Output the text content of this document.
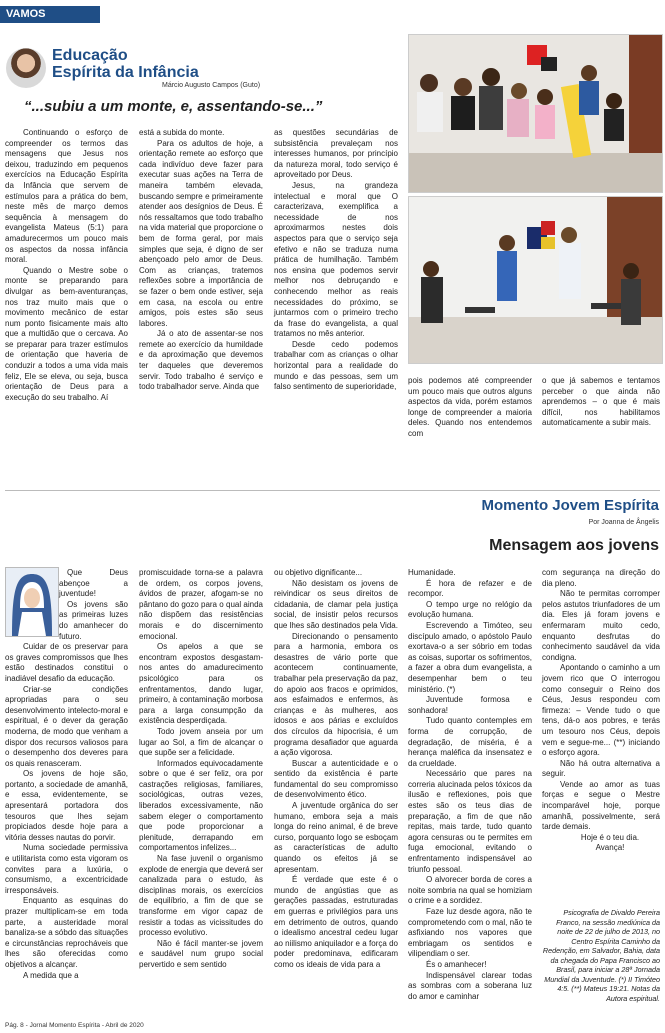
VAMOS ESTUDAR
Educação
Espírita da Infância
Márcio Augusto Campos (Guto)
“...subiu a um monte, e, assentando-se...”

Continuando o esforço de compreender os termos das mensagens que Jesus nos deixou, traduzindo em pequenos exercícios na Educação Espírita da Infância que servem de estímulos para a prática do bem, neste mês de março demos sequência à mensagem do evangelista Mateus (5:1) para amadurecermos um pouco mais os aspectos da nossa infância moral.

Quando o Mestre sobe o monte se preparando para divulgar as bem-aventuranças, nos traz muito mais que o movimento mecânico de estar num ponto fisicamente mais alto que a multidão que o cercava. Ao se preparar para trazer estímulos de orientação que haveria de conduzir a todos a uma vida mais feliz, Ele se eleva, ou seja, busca orientação de Deus para a execução do seu trabalho. Aí

está a subida do monte.

Para os adultos de hoje, a orientação remete ao esforço que cada indivíduo deve fazer para executar suas ações na Terra de maneira também elevada, buscando sempre e primeiramente atender aos desígnios de Deus. É nós ressaltamos que todo trabalho na vida material que proporcione o bem de forma geral, por mais simples que seja, é digno de ser abençoado pelo amor de Deus. Com as crianças, tratemos reflexões sobre a importância de se fazer o bem onde estiver, seja em casa, na escola ou entre amigos, pois estes são seus labores.

Já o ato de assentar-se nos remete ao exercício da humildade e da aproximação que devemos ter daqueles que deveremos servir. Todo trabalho é serviço e todo trabalhador serve. Ainda que

as questões secundárias de subsistência prevaleçam nos interesses humanos, por princípio da natureza moral, todo serviço é aproveitado por Deus.

Jesus, na grandeza intelectual e moral que O caracterizava, exemplifica a necessidade de nos aproximarmos nestes dois aspectos para que o serviço seja efetivo e não se traduza numa prática de humilhação. Também nos ensina que podemos servir melhor nos debruçando e conhecendo melhor as reais necessidades do próximo, se juntarmos com o primeiro trecho da frase do evangelista, a qual tratamos no mês anterior.

Desde cedo podemos trabalhar com as crianças o olhar horizontal para a realidade do mundo e das pessoas, sem um falso sentimento de superioridade,

pois podemos até compreender um pouco mais que outros alguns aspectos da vida, porém estamos longe de compreender a maioria deles. Quando nos entendemos com

o que já sabemos e tentamos perceber o que ainda não aprendemos – o que é mais difícil, nos habilitamos automaticamente a subir mais.

Momento Jovem Espírita
Por Joanna de Ângelis
Mensagem aos jovens

Que Deus abençoe a juventude!

Os jovens são as primeiras luzes do amanhecer do futuro.

Cuidar de os preservar para os graves compromissos que lhes estão destinados constitui o inadiável desafio da educação.

Criar-se condições apropriadas para o seu desenvolvimento intelecto-moral e espiritual, é o dever da geração moderna, de modo que venham a dispor dos recursos valiosos para o desempenho dos deveres para os quais renasceram.

Os jovens de hoje são, portanto, a sociedade de amanhã, e essa, evidentemente, se apresentará portadora dos tesouros que lhes sejam propiciados desde hoje para a vitória desses nautas do porvir.

Numa sociedade permissiva e utilitarista como esta vigoram os convites para a luxúria, o consumismo, a excentricidade irresponsáveis.

Enquanto as esquinas do prazer multiplicam-se em toda parte, a austeridade moral banaliza-se a sóbdo das situações e circunstâncias reprocháveis que lhes são oferecidas como objetivos a alcançar.

A medida que a

promiscuidade torna-se a palavra de ordem, os corpos jovens, ávidos de prazer, afogam-se no pântano do gozo para o qual ainda não dispõem das resistências morais e do discernimento emocional.

Os apelos a que se encontram expostos desgastam-nos antes do amadurecimento psicológico para os enfrentamentos, dando lugar, primeiro, à contaminação morbosa para a larga consumpção da existência desperdiçada.

Todo jovem anseia por um lugar ao Sol, a fim de alcançar o que supõe ser a felicidade.

Informados equivocadamente sobre o que é ser feliz, ora por castrações religiosas, familiares, sociológicas, outras vezes, liberados excessivamente, não sabem eleger o comportamento que pode proporcionar a plenitude, derrapando em comportamentos infelizes...

Na fase juvenil o organismo explode de energia que deverá ser canalizada para o estudo, às disciplinas morais, os exercícios de equilíbrio, a fim de que se transforme em vigor capaz de resistir a todas as vicissitudes do processo evolutivo.

Não é fácil manter-se jovem e saudável num grupo social pervertido e sem sentido

ou objetivo dignificante...

Não desistam os jovens de reivindicar os seus direitos de cidadania, de clamar pela justiça social, de insistir pelos recursos que lhes são destinados pela Vida.

Direcionando o pensamento para a harmonia, embora os desastres de vário porte que acontecem continuamente, trabalhar pela preservação da paz, do apoio aos fracos e oprimidos, aos esfaimados e enfermos, às crianças e às mulheres, aos idosos e aos párias e excluídos dos círculos da hipocrisia, é um programa desafiador que aguarda a ação vigorosa.

Buscar a autenticidade e o sentido da existência é parte fundamental do seu compromisso de desenvolvimento ético.

A juventude orgânica do ser humano, embora seja a mais longa do reino animal, é de breve curso, porquanto logo se esboçam as características de adulto quando os efeitos já se apresentam.

É verdade que este é o mundo de angústias que as gerações passadas, estruturadas em guerras e privilégios para uns em detrimento de outros, quando o idealismo ancestral cedeu lugar ao niilismo aniquilador e a força do poder predominava, edificaram como os ideais de vida para a

Humanidade.

É hora de refazer e de recompor.

O tempo urge no relógio da evolução humana.

Escrevendo a Timóteo, seu discípulo amado, o apóstolo Paulo exortava-o a ser sóbrio em todas as coisas, suportar os sofrimentos, a fazer a obra dum evangelista, a desempenhar bem o teu ministério. (*)

Juventude formosa e sonhadora!

Tudo quanto contemples em forma de corrupção, de degradação, de miséria, é a herança maléfica da insensatez e da crueldade.

Necessário que pares na correria alucinada pelos tóxicos da ilusão e reflexiones, pois que estes são os teus dias de preparação, a fim de que não repitas, mais tarde, tudo quanto agora censuras ou te permites em fuga emocional, evitando o enfrentamento indispensável ao triunfo pessoal.

O alvorecer borda de cores a noite sombria na qual se homiziam o crime e a sordidez.

Faze luz desde agora, não te comprometendo com o mal, não te asfixiando nos vapores que embriagam os sentidos e vilipendiam o ser.

És o amanhecer!

Indispensável clarear todas as sombras com a soberana luz do amor e caminhar

com segurança na direção do dia pleno.

Não te permitas corromper pelos astutos triunfadores de um dia. Eles já foram jovens e enfermaram muito cedo, enquanto desfrutas do conhecimento saudável da vida condigna.

Apontando o caminho a um jovem rico que O interrogou como conseguir o Reino dos Céus, Jesus respondeu com firmeza: – Vende tudo o que tens, dá-o aos pobres, e terás um tesouro nos Céus, depois vem e segue-me... (**) iniciando o esforço agora.

Não há outra alternativa a seguir.

Vende ao amor as tuas forças e segue o Mestre incomparável hoje, porque amanhã, possivelmente, será tarde demais.

Hoje é o teu dia.

Avança!

Psicografia de Divaldo Pereira Franco, na sessão mediúnica da noite de 22 de julho de 2013, no Centro Espírita Caminho da Redenção, em Salvador, Bahia, data da chegada do Papa Francisco ao Brasil, para iniciar a 28ª Jornada Mundial da Juventude. (*) II Timóteo 4:5. (**) Mateus 19:21. Notas da Autora espiritual.
Pág. 8 - Jornal Momento Espírita - Abril de 2020
